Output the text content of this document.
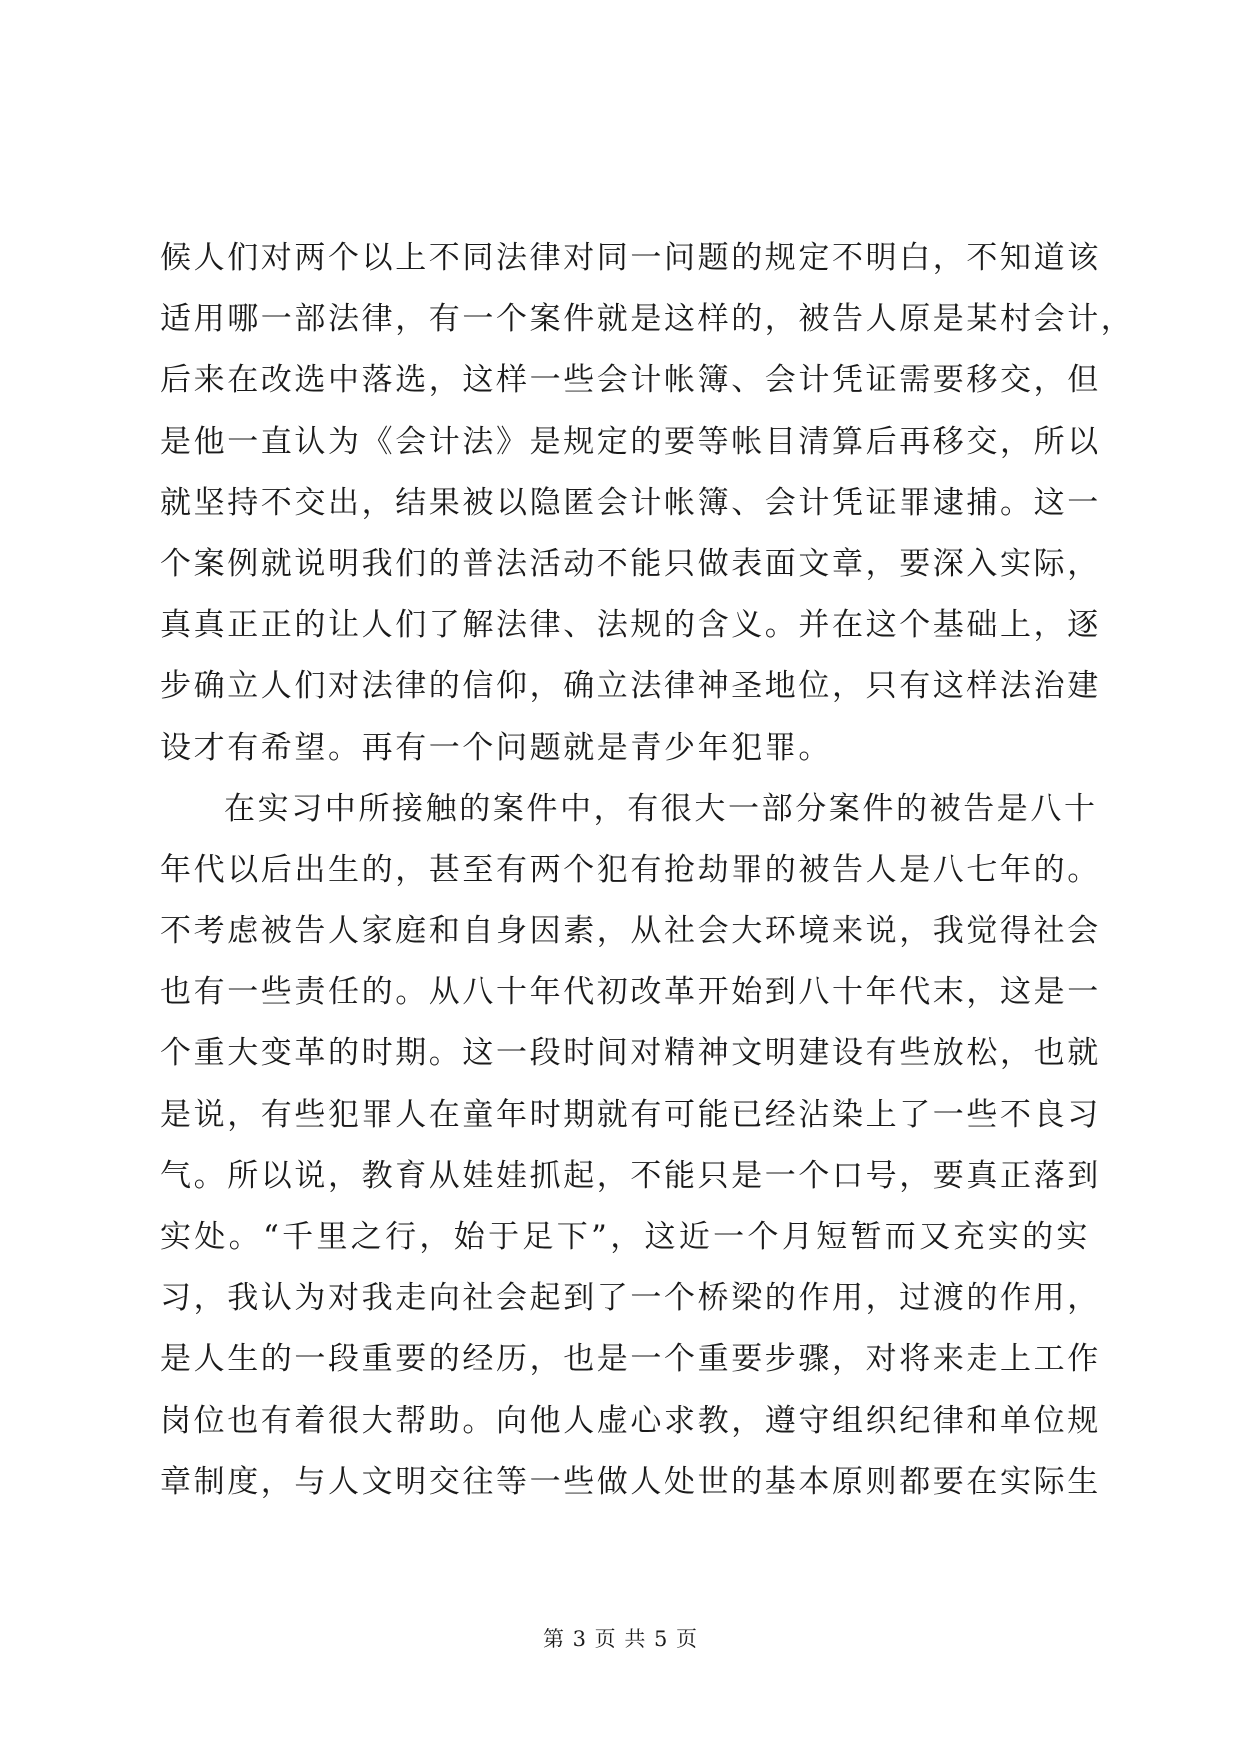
候人们对两个以上不同法律对同一问题的规定不明白，不知道该
适用哪一部法律，有一个案件就是这样的，被告人原是某村会计，
后来在改选中落选，这样一些会计帐簿、会计凭证需要移交，但
是他一直认为《会计法》是规定的要等帐目清算后再移交，所以
就坚持不交出，结果被以隐匿会计帐簿、会计凭证罪逮捕。这一
个案例就说明我们的普法活动不能只做表面文章，要深入实际，
真真正正的让人们了解法律、法规的含义。并在这个基础上，逐
步确立人们对法律的信仰，确立法律神圣地位，只有这样法治建
设才有希望。再有一个问题就是青少年犯罪。
在实习中所接触的案件中，有很大一部分案件的被告是八十
年代以后出生的，甚至有两个犯有抢劫罪的被告人是八七年的。
不考虑被告人家庭和自身因素，从社会大环境来说，我觉得社会
也有一些责任的。从八十年代初改革开始到八十年代末，这是一
个重大变革的时期。这一段时间对精神文明建设有些放松，也就
是说，有些犯罪人在童年时期就有可能已经沾染上了一些不良习
气。所以说，教育从娃娃抓起，不能只是一个口号，要真正落到
实处。“千里之行，始于足下”，这近一个月短暂而又充实的实
习，我认为对我走向社会起到了一个桥梁的作用，过渡的作用，
是人生的一段重要的经历，也是一个重要步骤，对将来走上工作
岗位也有着很大帮助。向他人虚心求教，遵守组织纪律和单位规
章制度，与人文明交往等一些做人处世的基本原则都要在实际生
第 3 页 共 5 页
